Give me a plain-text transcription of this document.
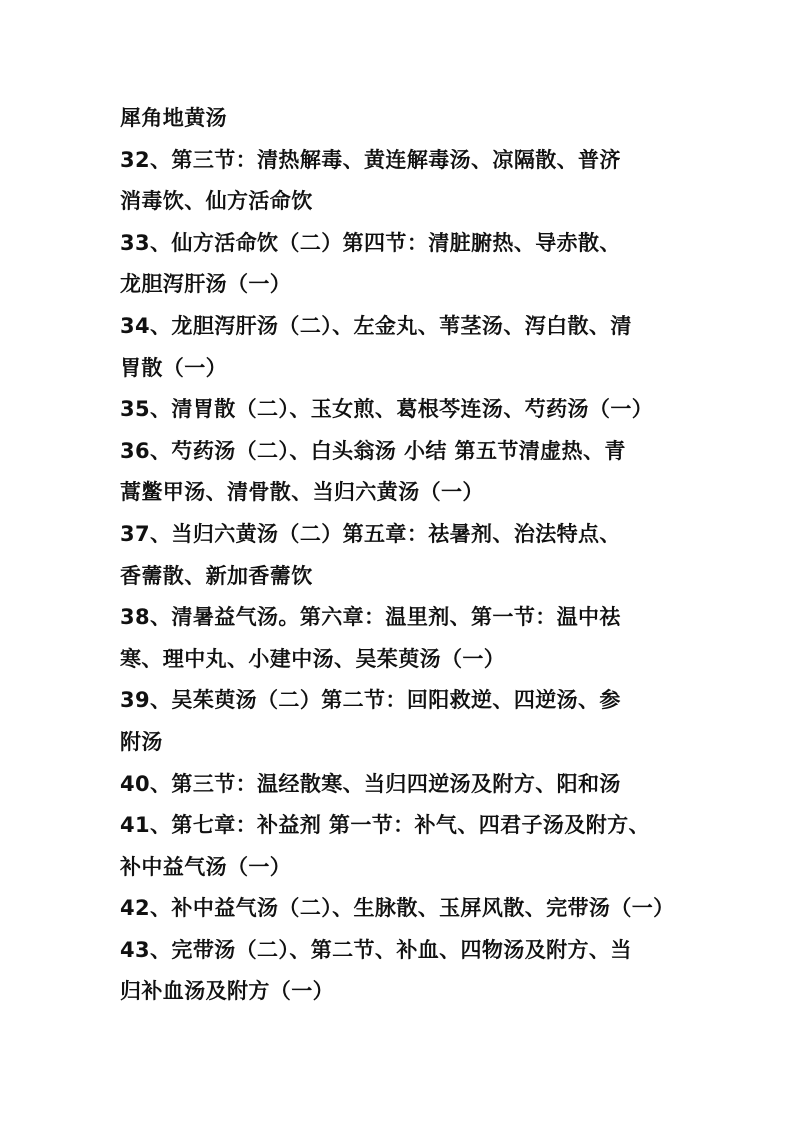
犀角地黄汤
32、第三节：清热解毒、黄连解毒汤、凉隔散、普济
消毒饮、仙方活命饮
33、仙方活命饮（二）第四节：清脏腑热、导赤散、
龙胆泻肝汤（一）
34、龙胆泻肝汤（二）、左金丸、苇茎汤、泻白散、清
胃散（一）
35、清胃散（二）、玉女煎、葛根芩连汤、芍药汤（一）
36、芍药汤（二）、白头翁汤 小结 第五节清虚热、青
蒿鳖甲汤、清骨散、当归六黄汤（一）
37、当归六黄汤（二）第五章：祛暑剂、治法特点、
香薷散、新加香薷饮
38、清暑益气汤。第六章：温里剂、第一节：温中祛
寒、理中丸、小建中汤、吴茱萸汤（一）
39、吴茱萸汤（二）第二节：回阳救逆、四逆汤、参
附汤
40、第三节：温经散寒、当归四逆汤及附方、阳和汤
41、第七章：补益剂 第一节：补气、四君子汤及附方、
补中益气汤（一）
42、补中益气汤（二）、生脉散、玉屏风散、完带汤（一）
43、完带汤（二）、第二节、补血、四物汤及附方、当
归补血汤及附方（一）
